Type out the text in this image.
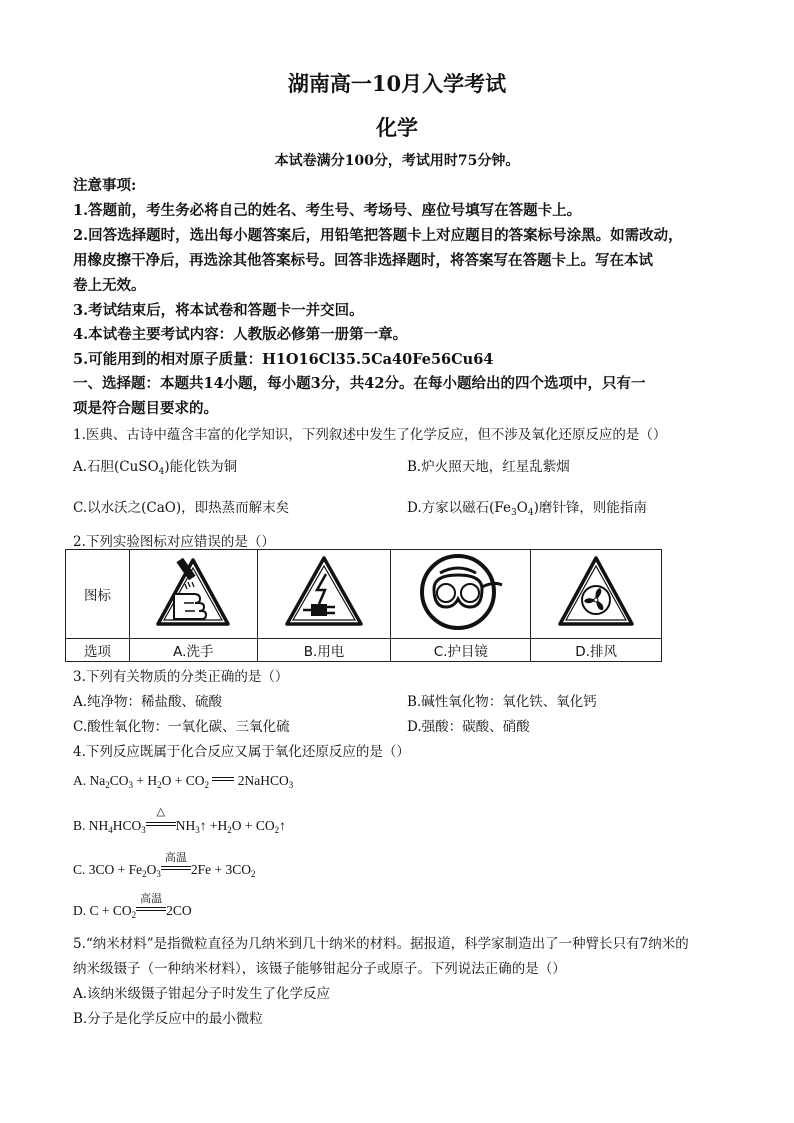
湖南高一10月入学考试
化学
本试卷满分100分，考试用时75分钟。
注意事项:
1.答题前，考生务必将自己的姓名、考生号、考场号、座位号填写在答题卡上。
2.回答选择题时，选出每小题答案后，用铅笔把答题卡上对应题目的答案标号涂黑。如需改动，
用橡皮擦干净后，再选涂其他答案标号。回答非选择题时，将答案写在答题卡上。写在本试
卷上无效。
3.考试结束后，将本试卷和答题卡一并交回。
4.本试卷主要考试内容：人教版必修第一册第一章。
5.可能用到的相对原子质量：H1O16Cl35.5Ca40Fe56Cu64
一、选择题：本题共14小题，每小题3分，共42分。在每小题给出的四个选项中，只有一
项是符合题目要求的。
1.医典、古诗中蕴含丰富的化学知识，下列叙述中发生了化学反应，但不涉及氧化还原反应的是（）
A.石胆(CuSO$_4$)能化铁为铜	B.炉火照天地，红星乱紫烟
C.以水沃之(CaO)，即热蒸而解末矣	D.方家以磁石$(Fe_3O_4)$磨针锋，则能指南
2.下列实验图标对应错误的是（）
图标				
选项	A.洗手	B.用电	C.护目镜	D.排风
3.下列有关物质的分类正确的是（）
A.纯净物：稀盐酸、硫酸	B.碱性氧化物：氧化铁、氧化钙
C.酸性氧化物：一氧化碳、三氧化硫	D.强酸：碳酸、硝酸
4.下列反应既属于化合反应又属于氧化还原反应的是（）
A. $Na_2CO_3 + H_2O + CO_2$  2NaHCO$_3$
B. $NH_4HCO_3$
△
$NH_3↑ +H_2O$ + $CO_2↑$
C. $3CO + Fe_2O_3$
高温
$2Fe + 3CO_2$
D. $C + CO_2$
高温
2CO
5.“纳米材料”是指微粒直径为几纳米到几十纳米的材料。据报道，科学家制造出了一种臂长只有7纳米的
纳米级镊子（一种纳米材料），该镊子能够钳起分子或原子。下列说法正确的是（）
A.该纳米级镊子钳起分子时发生了化学反应
B.分子是化学反应中的最小微粒
